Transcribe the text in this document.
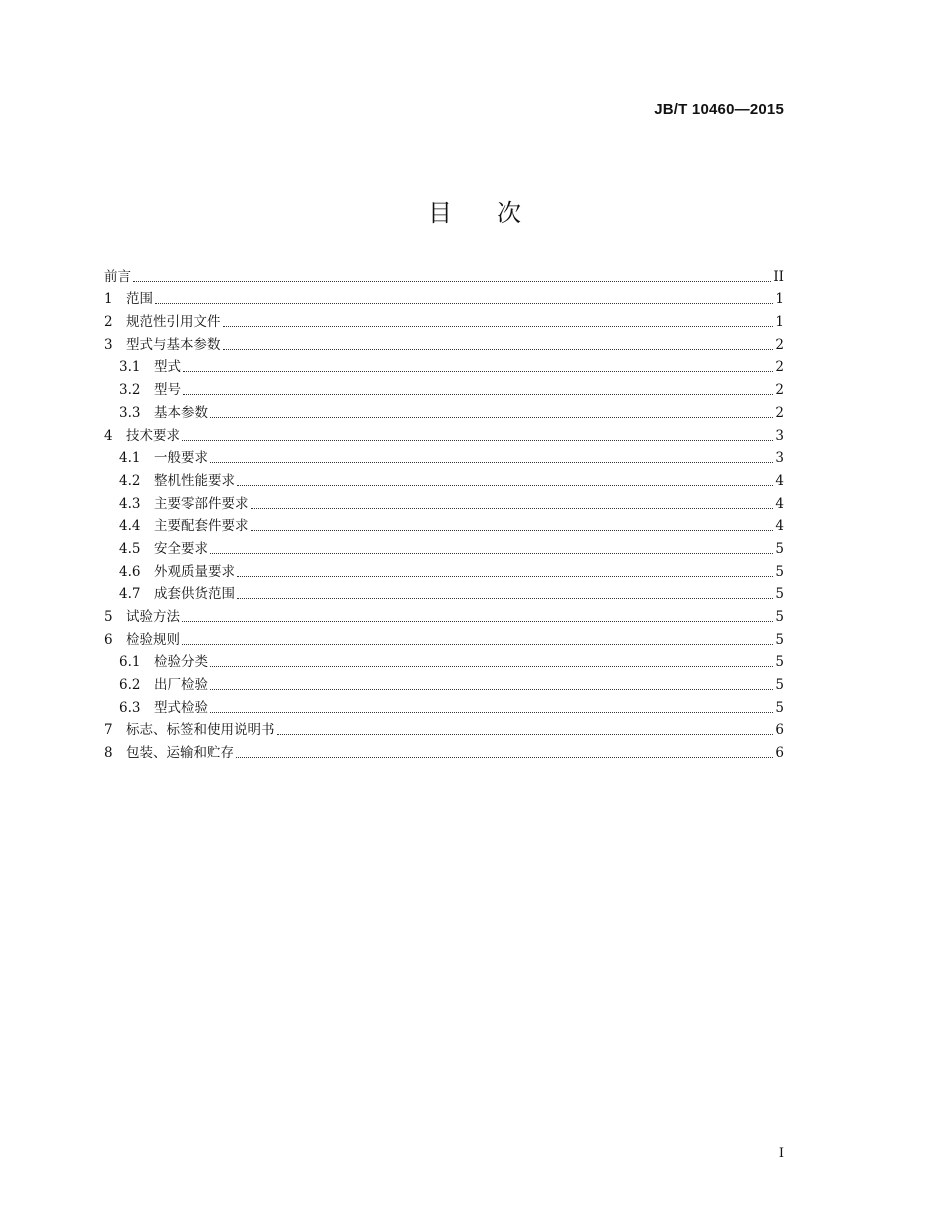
JB/T 10460—2015
目 次
前言	II
1 范围	1
2 规范性引用文件	1
3 型式与基本参数	2
3.1	型式	2
3.2	型号	2
3.3	基本参数	2
4 技术要求	3
4.1	一般要求	3
4.2	整机性能要求	4
4.3	主要零部件要求	4
4.4	主要配套件要求	4
4.5	安全要求	5
4.6	外观质量要求	5
4.7	成套供货范围	5
5 试验方法	5
6 检验规则	5
6.1	检验分类	5
6.2	出厂检验	5
6.3	型式检验	5
7 标志、标签和使用说明书	6
8 包装、运输和贮存	6
I
